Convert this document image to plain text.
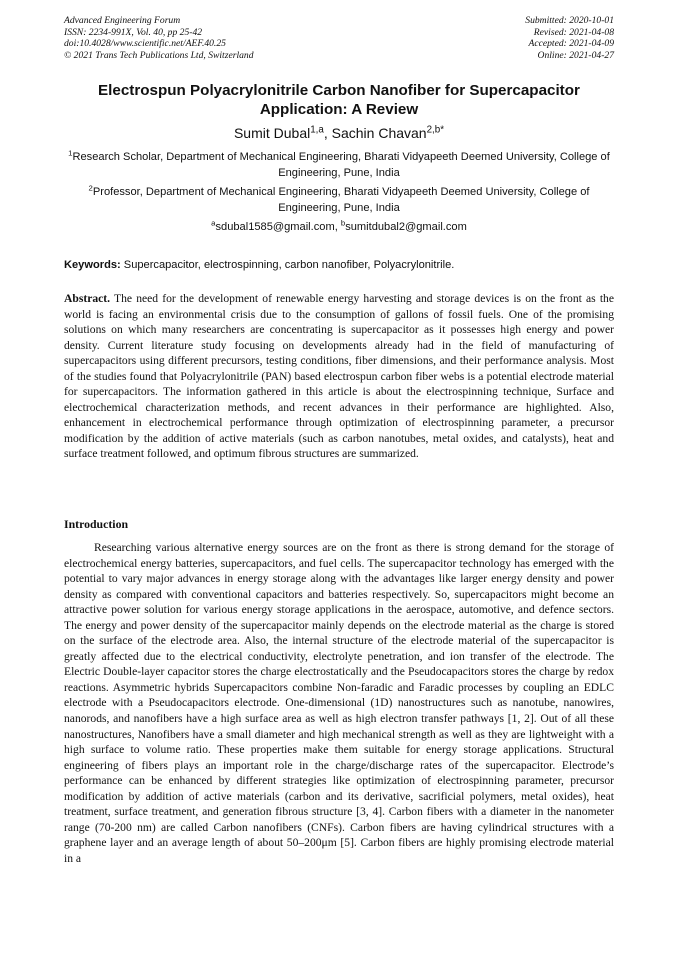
Advanced Engineering Forum
ISSN: 2234-991X, Vol. 40, pp 25-42
doi:10.4028/www.scientific.net/AEF.40.25
© 2021 Trans Tech Publications Ltd, Switzerland
Submitted: 2020-10-01
Revised: 2021-04-08
Accepted: 2021-04-09
Online: 2021-04-27
Electrospun Polyacrylonitrile Carbon Nanofiber for Supercapacitor Application: A Review
Sumit Dubal$^{1,a}$, Sachin Chavan$^{2,b*}$
$^1$Research Scholar, Department of Mechanical Engineering, Bharati Vidyapeeth Deemed University, College of Engineering, Pune, India
$^2$Professor, Department of Mechanical Engineering, Bharati Vidyapeeth Deemed University, College of Engineering, Pune, India
$^a$sdubal1585@gmail.com, $^b$sumitdubal2@gmail.com
Keywords: Supercapacitor, electrospinning, carbon nanofiber, Polyacrylonitrile.
Abstract. The need for the development of renewable energy harvesting and storage devices is on the front as the world is facing an environmental crisis due to the consumption of gallons of fossil fuels. One of the promising solutions on which many researchers are concentrating is supercapacitor as it possesses high energy and power density. Current literature study focusing on developments already had in the field of manufacturing of supercapacitors using different precursors, testing conditions, fiber dimensions, and their performance analysis. Most of the studies found that Polyacrylonitrile (PAN) based electrospun carbon fiber webs is a potential electrode material for supercapacitors. The information gathered in this article is about the electrospinning technique, Surface and electrochemical characterization methods, and recent advances in their performance are highlighted. Also, enhancement in electrochemical performance through optimization of electrospinning parameter, a precursor modification by the addition of active materials (such as carbon nanotubes, metal oxides, and catalysts), heat and surface treatment followed, and optimum fibrous structures are summarized.
Introduction
Researching various alternative energy sources are on the front as there is strong demand for the storage of electrochemical energy batteries, supercapacitors, and fuel cells. The supercapacitor technology has emerged with the potential to vary major advances in energy storage along with the advantages like larger energy density and power density as compared with conventional capacitors and batteries respectively. So, supercapacitors might become an attractive power solution for various energy storage applications in the aerospace, automotive, and defence sectors. The energy and power density of the supercapacitor mainly depends on the electrode material as the charge is stored on the surface of the electrode area. Also, the internal structure of the electrode material of the supercapacitor is greatly affected due to the electrical conductivity, electrolyte penetration, and ion transfer of the electrode. The Electric Double-layer capacitor stores the charge electrostatically and the Pseudocapacitors stores the charge by redox reactions. Asymmetric hybrids Supercapacitors combine Non-faradic and Faradic processes by coupling an EDLC electrode with a Pseudocapacitors electrode. One-dimensional (1D) nanostructures such as nanotube, nanowires, nanorods, and nanofibers have a high surface area as well as high electron transfer pathways [1, 2]. Out of all these nanostructures, Nanofibers have a small diameter and high mechanical strength as well as they are lightweight with a high surface to volume ratio. These properties make them suitable for energy storage applications. Structural engineering of fibers plays an important role in the charge/discharge rates of the supercapacitor. Electrode’s performance can be enhanced by different strategies like optimization of electrospinning parameter, precursor modification by addition of active materials (carbon and its derivative, sacrificial polymers, metal oxides), heat treatment, surface treatment, and generation fibrous structure [3, 4]. Carbon fibers with a diameter in the nanometer range (70-200 nm) are called Carbon nanofibers (CNFs). Carbon fibers are having cylindrical structures with a graphene layer and an average length of about 50–200μm [5]. Carbon fibers are highly promising electrode material in a
